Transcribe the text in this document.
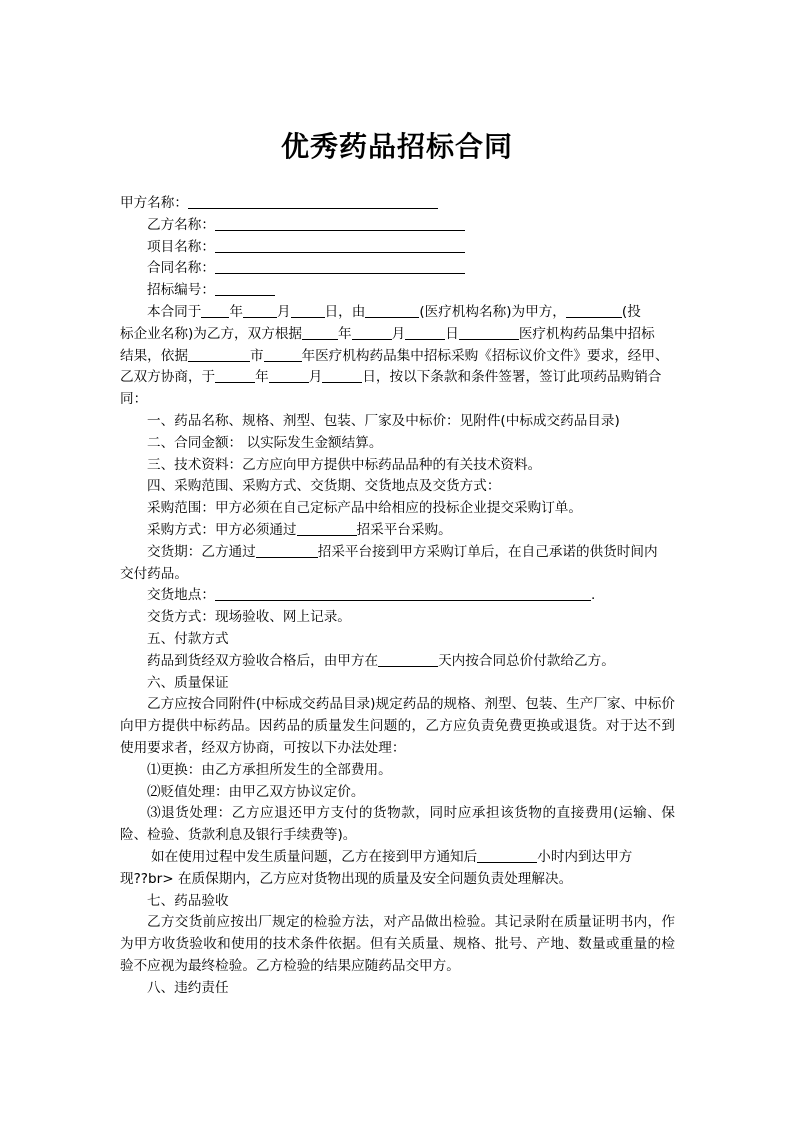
优秀药品招标合同

甲方名称：

乙方名称：

项目名称：

合同名称：

招标编号：

本合同于 年	月	日，由	(医疗机构名称)为甲方，	(投

标企业名称)为乙方，双方根据	年	月	日	医疗机构药品集中招标

结果，依据	市	年医疗机构药品集中招标采购《招标议价文件》要求，经甲、

乙双方协商，于	年	月	日，按以下条款和条件签署，签订此项药品购销合

同：

一、药品名称、规格、剂型、包装、厂家及中标价：见附件(中标成交药品目录)

二、合同金额： 以实际发生金额结算。

三、技术资料：乙方应向甲方提供中标药品品种的有关技术资料。

四、采购范围、采购方式、交货期、交货地点及交货方式：

采购范围：甲方必须在自己定标产品中给相应的投标企业提交采购订单。

采购方式：甲方必须通过	招采平台采购。

交货期：乙方通过	招采平台接到甲方采购订单后，在自己承诺的供货时间内

交付药品。

交货地点：	.

交货方式：现场验收、网上记录。

五、付款方式

药品到货经双方验收合格后，由甲方在	天内按合同总价付款给乙方。

六、质量保证

乙方应按合同附件(中标成交药品目录)规定药品的规格、剂型、包装、生产厂家、中标价向甲方提供中标药品。因药品的质量发生问题的，乙方应负责免费更换或退货。对于达不到使用要求者，经双方协商，可按以下办法处理：

⑴更换：由乙方承担所发生的全部费用。

⑵贬值处理：由甲乙双方协议定价。

⑶退货处理：乙方应退还甲方支付的货物款，同时应承担该货物的直接费用(运输、保险、检验、货款利息及银行手续费等)。

如在使用过程中发生质量问题，乙方在接到甲方通知后	小时内到达甲方

现??br> 在质保期内，乙方应对货物出现的质量及安全问题负责处理解决。

七、药品验收

乙方交货前应按出厂规定的检验方法，对产品做出检验。其记录附在质量证明书内，作为甲方收货验收和使用的技术条件依据。但有关质量、规格、批号、产地、数量或重量的检验不应视为最终检验。乙方检验的结果应随药品交甲方。

八、违约责任
